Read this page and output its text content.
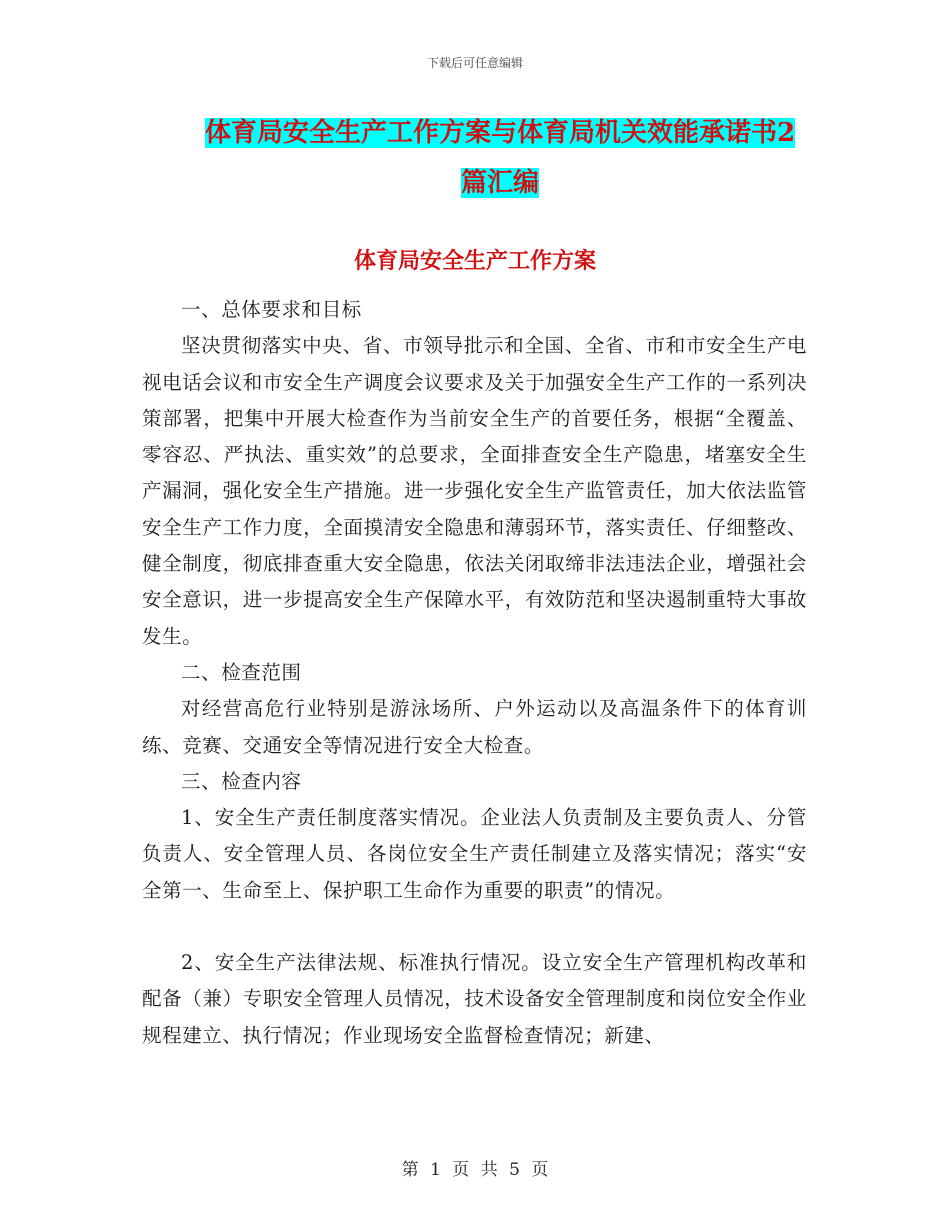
下载后可任意编辑
体育局安全生产工作方案与体育局机关效能承诺书2
篇汇编
体育局安全生产工作方案

一、总体要求和目标

坚决贯彻落实中央、省、市领导批示和全国、全省、市和市安全生产电视电话会议和市安全生产调度会议要求及关于加强安全生产工作的一系列决策部署，把集中开展大检查作为当前安全生产的首要任务，根据“全覆盖、零容忍、严执法、重实效”的总要求，全面排查安全生产隐患，堵塞安全生产漏洞，强化安全生产措施。进一步强化安全生产监管责任，加大依法监管安全生产工作力度，全面摸清安全隐患和薄弱环节，落实责任、仔细整改、健全制度，彻底排查重大安全隐患，依法关闭取缔非法违法企业，增强社会安全意识，进一步提高安全生产保障水平，有效防范和坚决遏制重特大事故发生。

二、检查范围

对经营高危行业特别是游泳场所、户外运动以及高温条件下的体育训练、竞赛、交通安全等情况进行安全大检查。

三、检查内容

1、安全生产责任制度落实情况。企业法人负责制及主要负责人、分管负责人、安全管理人员、各岗位安全生产责任制建立及落实情况；落实“安全第一、生命至上、保护职工生命作为重要的职责”的情况。

2、安全生产法律法规、标准执行情况。设立安全生产管理机构改革和配备（兼）专职安全管理人员情况，技术设备安全管理制度和岗位安全作业规程建立、执行情况；作业现场安全监督检查情况；新建、

第 1 页 共 5 页
